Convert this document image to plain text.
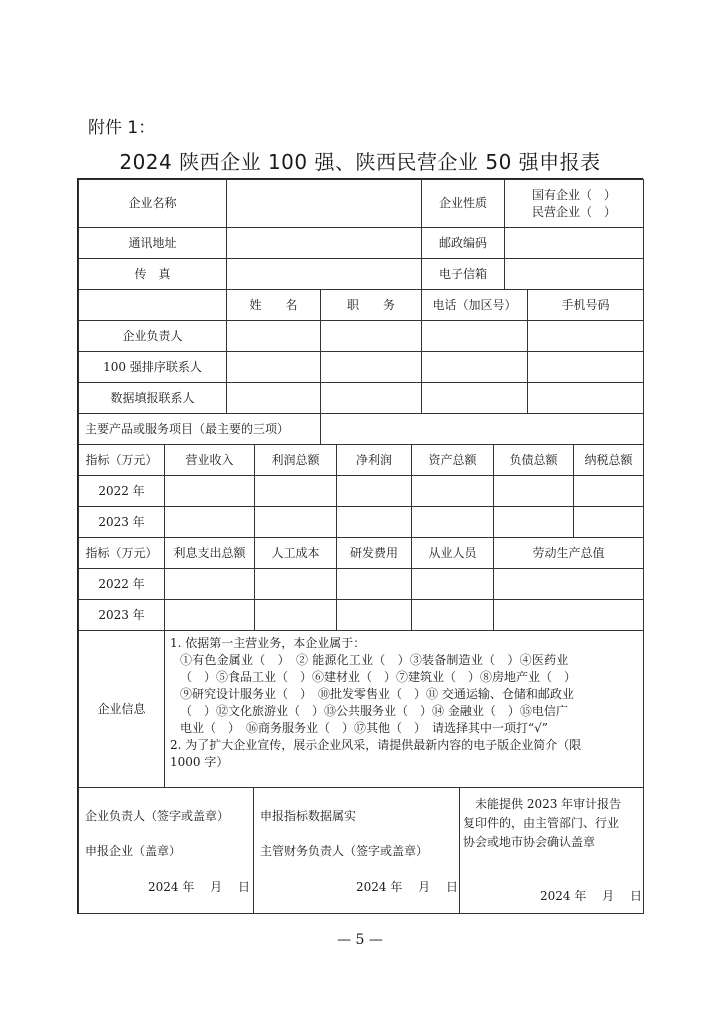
附件 1：
2024 陕西企业 100 强、陕西民营企业 50 强申报表
企业名称	企业性质
国有企业（　）
民营企业（　）
通讯地址	邮政编码
传　真	电子信箱
姓　　名	职　　务	电话（加区号）	手机号码
企业负责人
100 强排序联系人
数据填报联系人
主要产品或服务项目（最主要的三项）
指标（万元）	营业收入	利润总额	净利润	资产总额	负债总额	纳税总额
2022 年
2023 年
指标（万元）	利息支出总额	人工成本	研发费用	从业人员	劳动生产总值
2022 年
2023 年
企业信息

1. 依据第一主营业务，本企业属于：

①有色金属业（　）　② 能源化工业（　）③装备制造业（　）④医药业

（　）⑤食品工业（　）⑥建材业（　）⑦建筑业（　）⑧房地产业（　）

⑨研究设计服务业（　）　⑩批发零售业（　）⑪ 交通运输、仓储和邮政业

（　）⑫文化旅游业（　）⑬公共服务业（　）⑭ 金融业（　）⑮电信广

电业（　）　⑯商务服务业（　）⑰其他（　）　请选择其中一项打“√”

2. 为了扩大企业宣传，展示企业风采，请提供最新内容的电子版企业简介（限

1000 字）

企业负责人（签字或盖章）
申报企业（盖章）
2024 年　 月　 日
申报指标数据属实
主管财务负责人（签字或盖章）
2024 年　 月　 日
　未能提供 2023 年审计报告
复印件的，由主管部门、行业
协会或地市协会确认盖章
2024 年　 月　 日
— 5 —
